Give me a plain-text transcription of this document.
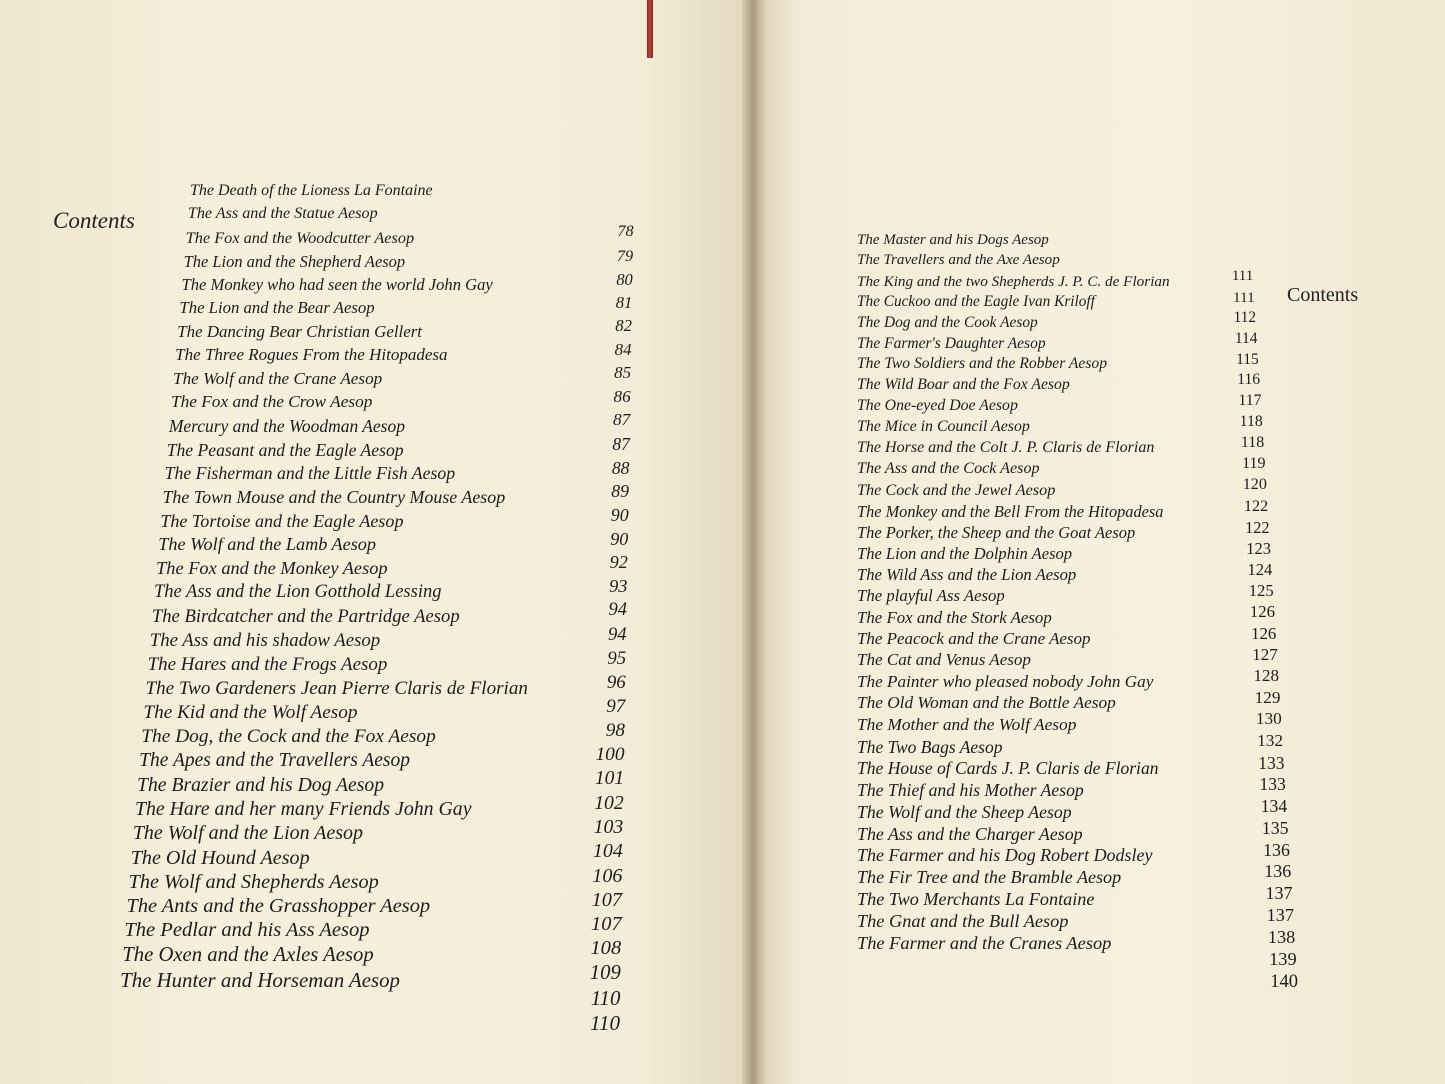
Contents
Contents
The Death of the Lioness La Fontaine
The Ass and the Statue Aesop
78
The Fox and the Woodcutter Aesop
79
The Lion and the Shepherd Aesop
80
The Monkey who had seen the world John Gay
81
The Lion and the Bear Aesop
82
The Dancing Bear Christian Gellert
84
The Three Rogues From the Hitopadesa
85
The Wolf and the Crane Aesop
86
The Fox and the Crow Aesop
87
Mercury and the Woodman Aesop
87
The Peasant and the Eagle Aesop
88
The Fisherman and the Little Fish Aesop
89
The Town Mouse and the Country Mouse Aesop
90
The Tortoise and the Eagle Aesop
90
The Wolf and the Lamb Aesop
92
The Fox and the Monkey Aesop
93
The Ass and the Lion Gotthold Lessing
94
The Birdcatcher and the Partridge Aesop
94
The Ass and his shadow Aesop
95
The Hares and the Frogs Aesop
96
The Two Gardeners Jean Pierre Claris de Florian
97
The Kid and the Wolf Aesop
98
The Dog, the Cock and the Fox Aesop
100
The Apes and the Travellers Aesop
101
The Brazier and his Dog Aesop
102
The Hare and her many Friends John Gay
103
The Wolf and the Lion Aesop
104
The Old Hound Aesop
106
The Wolf and Shepherds Aesop
107
The Ants and the Grasshopper Aesop
107
The Pedlar and his Ass Aesop
108
The Oxen and the Axles Aesop
109
The Hunter and Horseman Aesop
110
110
The Master and his Dogs Aesop
The Travellers and the Axe Aesop
111
The King and the two Shepherds J. P. C. de Florian
111
The Cuckoo and the Eagle Ivan Kriloff
112
The Dog and the Cook Aesop
114
The Farmer's Daughter Aesop
115
The Two Soldiers and the Robber Aesop
116
The Wild Boar and the Fox Aesop
117
The One-eyed Doe Aesop
118
The Mice in Council Aesop
118
The Horse and the Colt J. P. Claris de Florian
119
The Ass and the Cock Aesop
120
The Cock and the Jewel Aesop
122
The Monkey and the Bell From the Hitopadesa
122
The Porker, the Sheep and the Goat Aesop
123
The Lion and the Dolphin Aesop
124
The Wild Ass and the Lion Aesop
125
The playful Ass Aesop
126
The Fox and the Stork Aesop
126
The Peacock and the Crane Aesop
127
The Cat and Venus Aesop
128
The Painter who pleased nobody John Gay
129
The Old Woman and the Bottle Aesop
130
The Mother and the Wolf Aesop
132
The Two Bags Aesop
133
The House of Cards J. P. Claris de Florian
133
The Thief and his Mother Aesop
134
The Wolf and the Sheep Aesop
135
The Ass and the Charger Aesop
136
The Farmer and his Dog Robert Dodsley
136
The Fir Tree and the Bramble Aesop
137
The Two Merchants La Fontaine
137
The Gnat and the Bull Aesop
138
The Farmer and the Cranes Aesop
139
140
